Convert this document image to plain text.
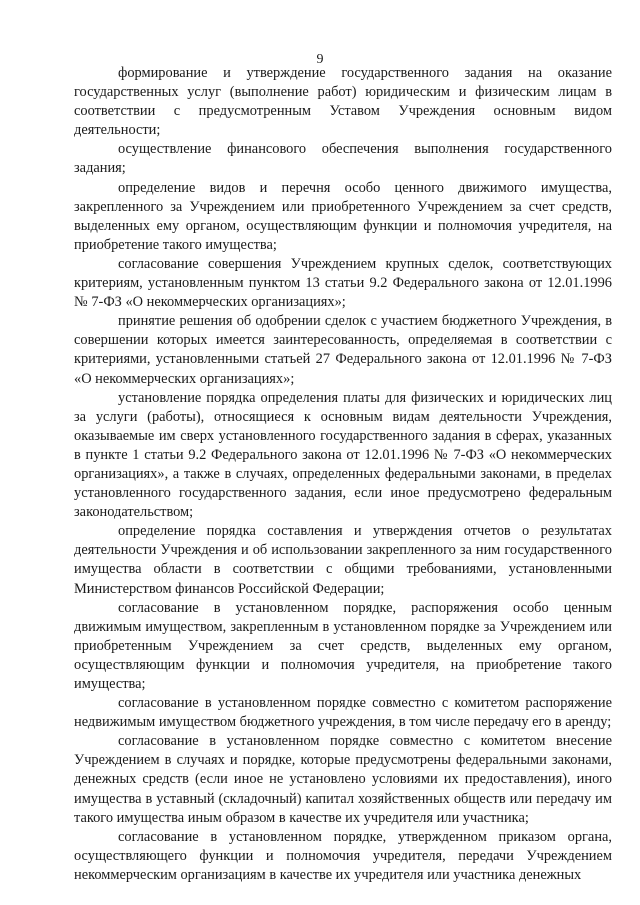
9

формирование и утверждение государственного задания на оказание государственных услуг (выполнение работ) юридическим и физическим лицам в соответствии с предусмотренным Уставом Учреждения основным видом деятельности;

осуществление финансового обеспечения выполнения государственного задания;

определение видов и перечня особо ценного движимого имущества, закрепленного за Учреждением или приобретенного Учреждением за счет средств, выделенных ему органом, осуществляющим функции и полномочия учредителя, на приобретение такого имущества;

согласование совершения Учреждением крупных сделок, соответствующих критериям, установленным пунктом 13 статьи 9.2 Федерального закона от 12.01.1996 № 7-ФЗ «О некоммерческих организациях»;

принятие решения об одобрении сделок с участием бюджетного Учреждения, в совершении которых имеется заинтересованность, определяемая в соответствии с критериями, установленными статьей 27 Федерального закона от 12.01.1996 № 7-ФЗ «О некоммерческих организациях»;

установление порядка определения платы для физических и юридических лиц за услуги (работы), относящиеся к основным видам деятельности Учреждения, оказываемые им сверх установленного государственного задания в сферах, указанных в пункте 1 статьи 9.2 Федерального закона от 12.01.1996 № 7-ФЗ «О некоммерческих организациях», а также в случаях, определенных федеральными законами, в пределах установленного государственного задания, если иное предусмотрено федеральным законодательством;

определение порядка составления и утверждения отчетов о результатах деятельности Учреждения и об использовании закрепленного за ним государственного имущества области в соответствии с общими требованиями, установленными Министерством финансов Российской Федерации;

согласование в установленном порядке, распоряжения особо ценным движимым имуществом, закрепленным в установленном порядке за Учреждением или приобретенным Учреждением за счет средств, выделенных ему органом, осуществляющим функции и полномочия учредителя, на приобретение такого имущества;

согласование в установленном порядке совместно с комитетом распоряжение недвижимым имуществом бюджетного учреждения, в том числе передачу его в аренду;

согласование в установленном порядке совместно с комитетом внесение Учреждением в случаях и порядке, которые предусмотрены федеральными законами, денежных средств (если иное не установлено условиями их предоставления), иного имущества в уставный (складочный) капитал хозяйственных обществ или передачу им такого имущества иным образом в качестве их учредителя или участника;

согласование в установленном порядке, утвержденном приказом органа, осуществляющего функции и полномочия учредителя, передачи Учреждением некоммерческим организациям в качестве их учредителя или участника денежных
